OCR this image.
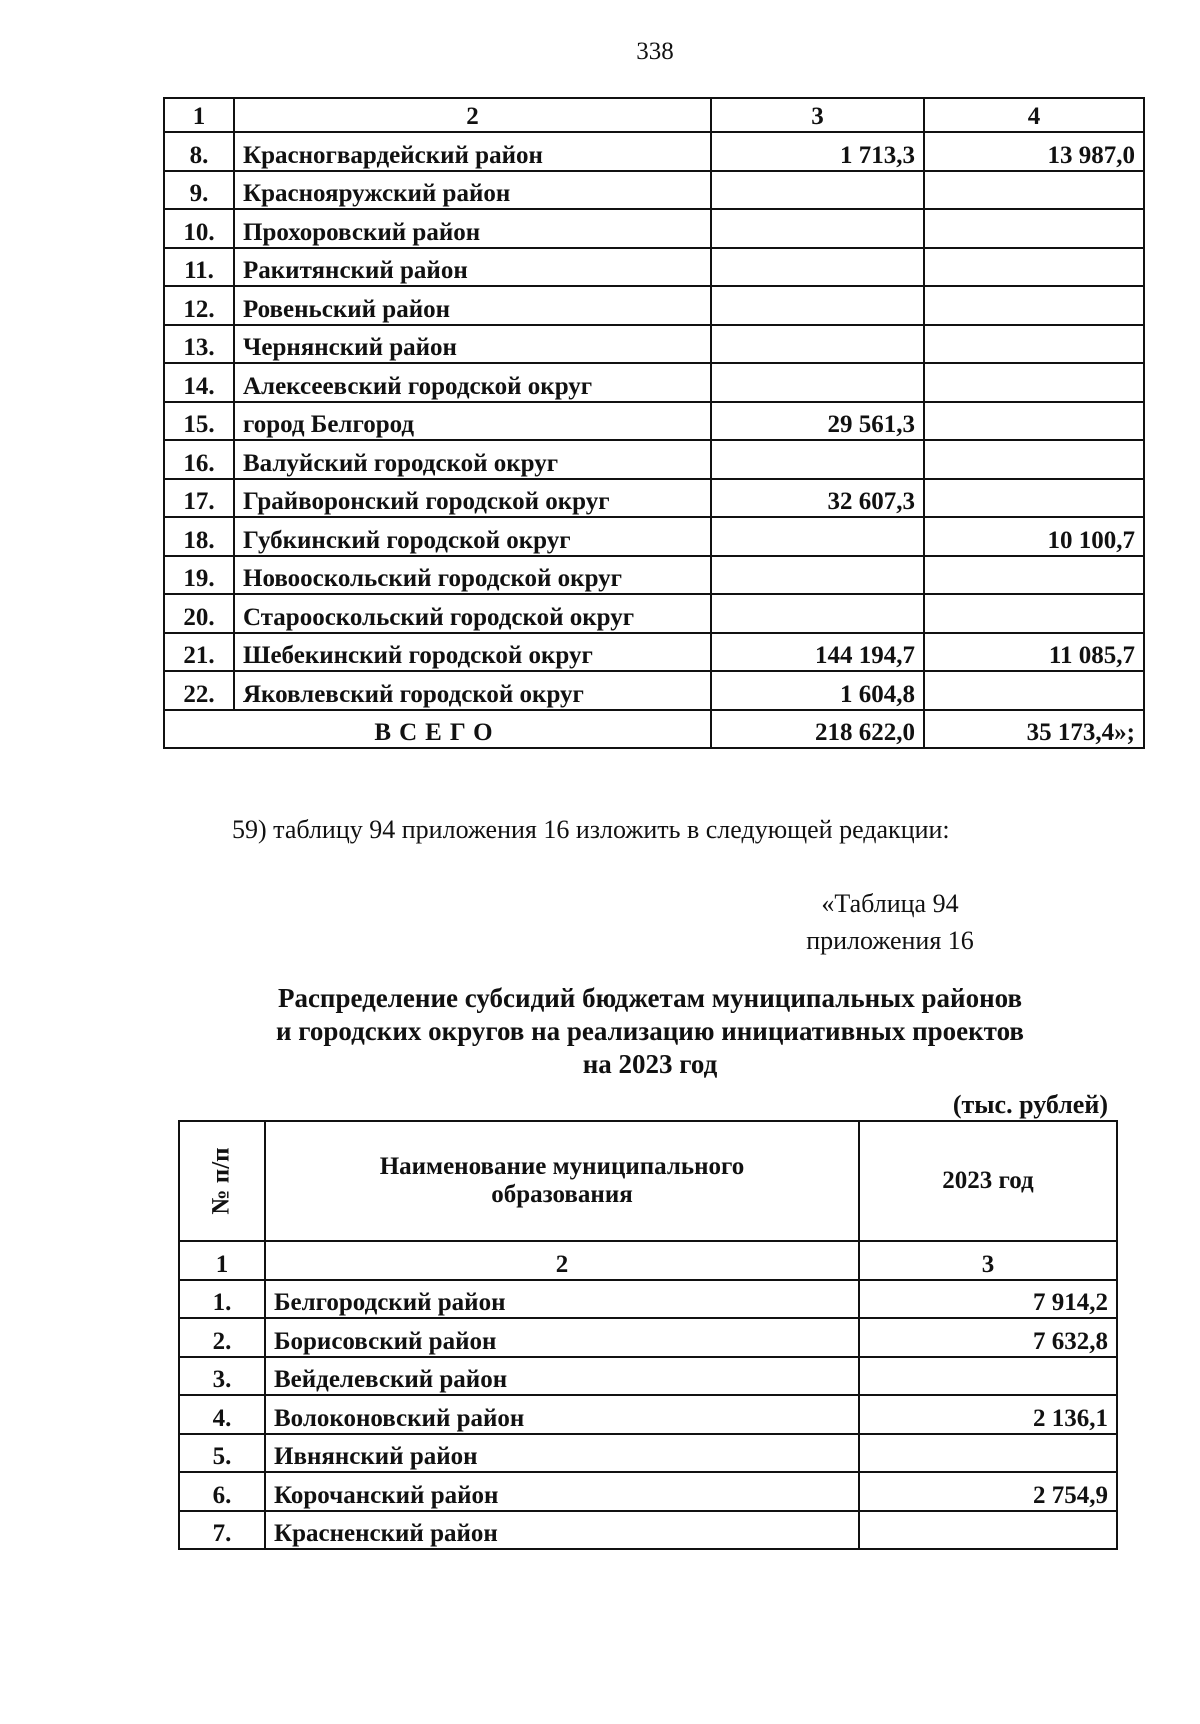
338
1	2	3	4
8.	Красногвардейский район	1 713,3	13 987,0
9.	Краснояружский район		
10.	Прохоровский район		
11.	Ракитянский район		
12.	Ровеньский район		
13.	Чернянский район		
14.	Алексеевский городской округ		
15.	город Белгород	29 561,3	
16.	Валуйский городской округ		
17.	Грайворонский городской округ	32 607,3	
18.	Губкинский городской округ		10 100,7
19.	Новооскольский городской округ		
20.	Старооскольский городской округ		
21.	Шебекинский городской округ	144 194,7	11 085,7
22.	Яковлевский городской округ	1 604,8	
ВСЕГО		218 622,0	35 173,4»;
59) таблицу 94 приложения 16 изложить в следующей редакции:
«Таблица 94
приложения 16
Распределение субсидий бюджетам муниципальных районов
и городских округов на реализацию инициативных проектов
на 2023 год
(тыс. рублей)
№ п/п	Наименование муниципального образования	2023 год
1	2	3
1.	Белгородский район	7 914,2
2.	Борисовский район	7 632,8
3.	Вейделевский район	
4.	Волоконовский район	2 136,1
5.	Ивнянский район	
6.	Корочанский район	2 754,9
7.	Красненский район	
